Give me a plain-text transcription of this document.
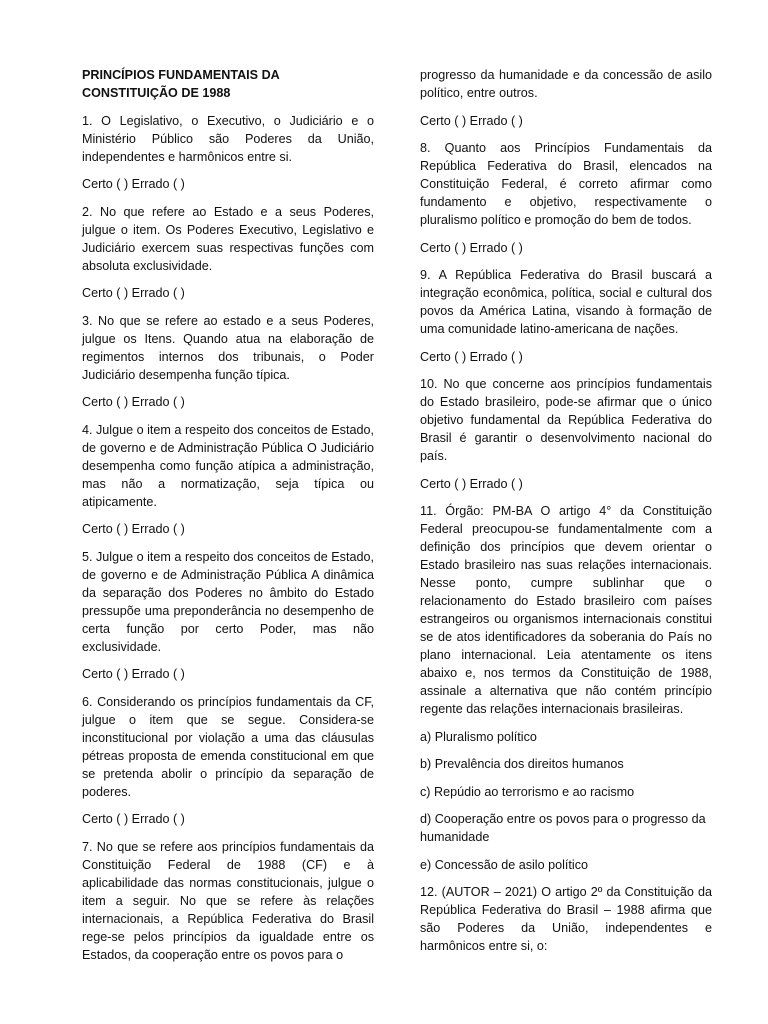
PRINCÍPIOS FUNDAMENTAIS DA CONSTITUIÇÃO DE 1988

1. O Legislativo, o Executivo, o Judiciário e o Ministério Público são Poderes da União, independentes e harmônicos entre si.

Certo ( ) Errado ( )

2. No que refere ao Estado e a seus Poderes, julgue o item. Os Poderes Executivo, Legislativo e Judiciário exercem suas respectivas funções com absoluta exclusividade.

Certo ( ) Errado ( )

3. No que se refere ao estado e a seus Poderes, julgue os Itens. Quando atua na elaboração de regimentos internos dos tribunais, o Poder Judiciário desempenha função típica.

Certo ( ) Errado ( )

4. Julgue o item a respeito dos conceitos de Estado, de governo e de Administração Pública O Judiciário desempenha como função atípica a administração, mas não a normatização, seja típica ou atipicamente.

Certo ( ) Errado ( )

5. Julgue o item a respeito dos conceitos de Estado, de governo e de Administração Pública A dinâmica da separação dos Poderes no âmbito do Estado pressupõe uma preponderância no desempenho de certa função por certo Poder, mas não exclusividade.

Certo ( ) Errado ( )

6. Considerando os princípios fundamentais da CF, julgue o item que se segue. Considera-se inconstitucional por violação a uma das cláusulas pétreas proposta de emenda constitucional em que se pretenda abolir o princípio da separação de poderes.

Certo ( ) Errado ( )

7. No que se refere aos princípios fundamentais da Constituição Federal de 1988 (CF) e à aplicabilidade das normas constitucionais, julgue o item a seguir. No que se refere às relações internacionais, a República Federativa do Brasil rege-se pelos princípios da igualdade entre os Estados, da cooperação entre os povos para o

progresso da humanidade e da concessão de asilo político, entre outros.

Certo ( ) Errado ( )

8. Quanto aos Princípios Fundamentais da República Federativa do Brasil, elencados na Constituição Federal, é correto afirmar como fundamento e objetivo, respectivamente o pluralismo político e promoção do bem de todos.

Certo ( ) Errado ( )

9. A República Federativa do Brasil buscará a integração econômica, política, social e cultural dos povos da América Latina, visando à formação de uma comunidade latino-americana de nações.

Certo ( ) Errado ( )

10. No que concerne aos princípios fundamentais do Estado brasileiro, pode-se afirmar que o único objetivo fundamental da República Federativa do Brasil é garantir o desenvolvimento nacional do país.

Certo ( ) Errado ( )

11. Órgão: PM-BA O artigo 4° da Constituição Federal preocupou-se fundamentalmente com a definição dos princípios que devem orientar o Estado brasileiro nas suas relações internacionais. Nesse ponto, cumpre sublinhar que o relacionamento do Estado brasileiro com países estrangeiros ou organismos internacionais constitui se de atos identificadores da soberania do País no plano internacional. Leia atentamente os itens abaixo e, nos termos da Constituição de 1988, assinale a alternativa que não contém princípio regente das relações internacionais brasileiras.

a) Pluralismo político

b) Prevalência dos direitos humanos

c) Repúdio ao terrorismo e ao racismo

d) Cooperação entre os povos para o progresso da humanidade

e) Concessão de asilo político

12. (AUTOR – 2021) O artigo 2º da Constituição da República Federativa do Brasil – 1988 afirma que são Poderes da União, independentes e harmônicos entre si, o:
